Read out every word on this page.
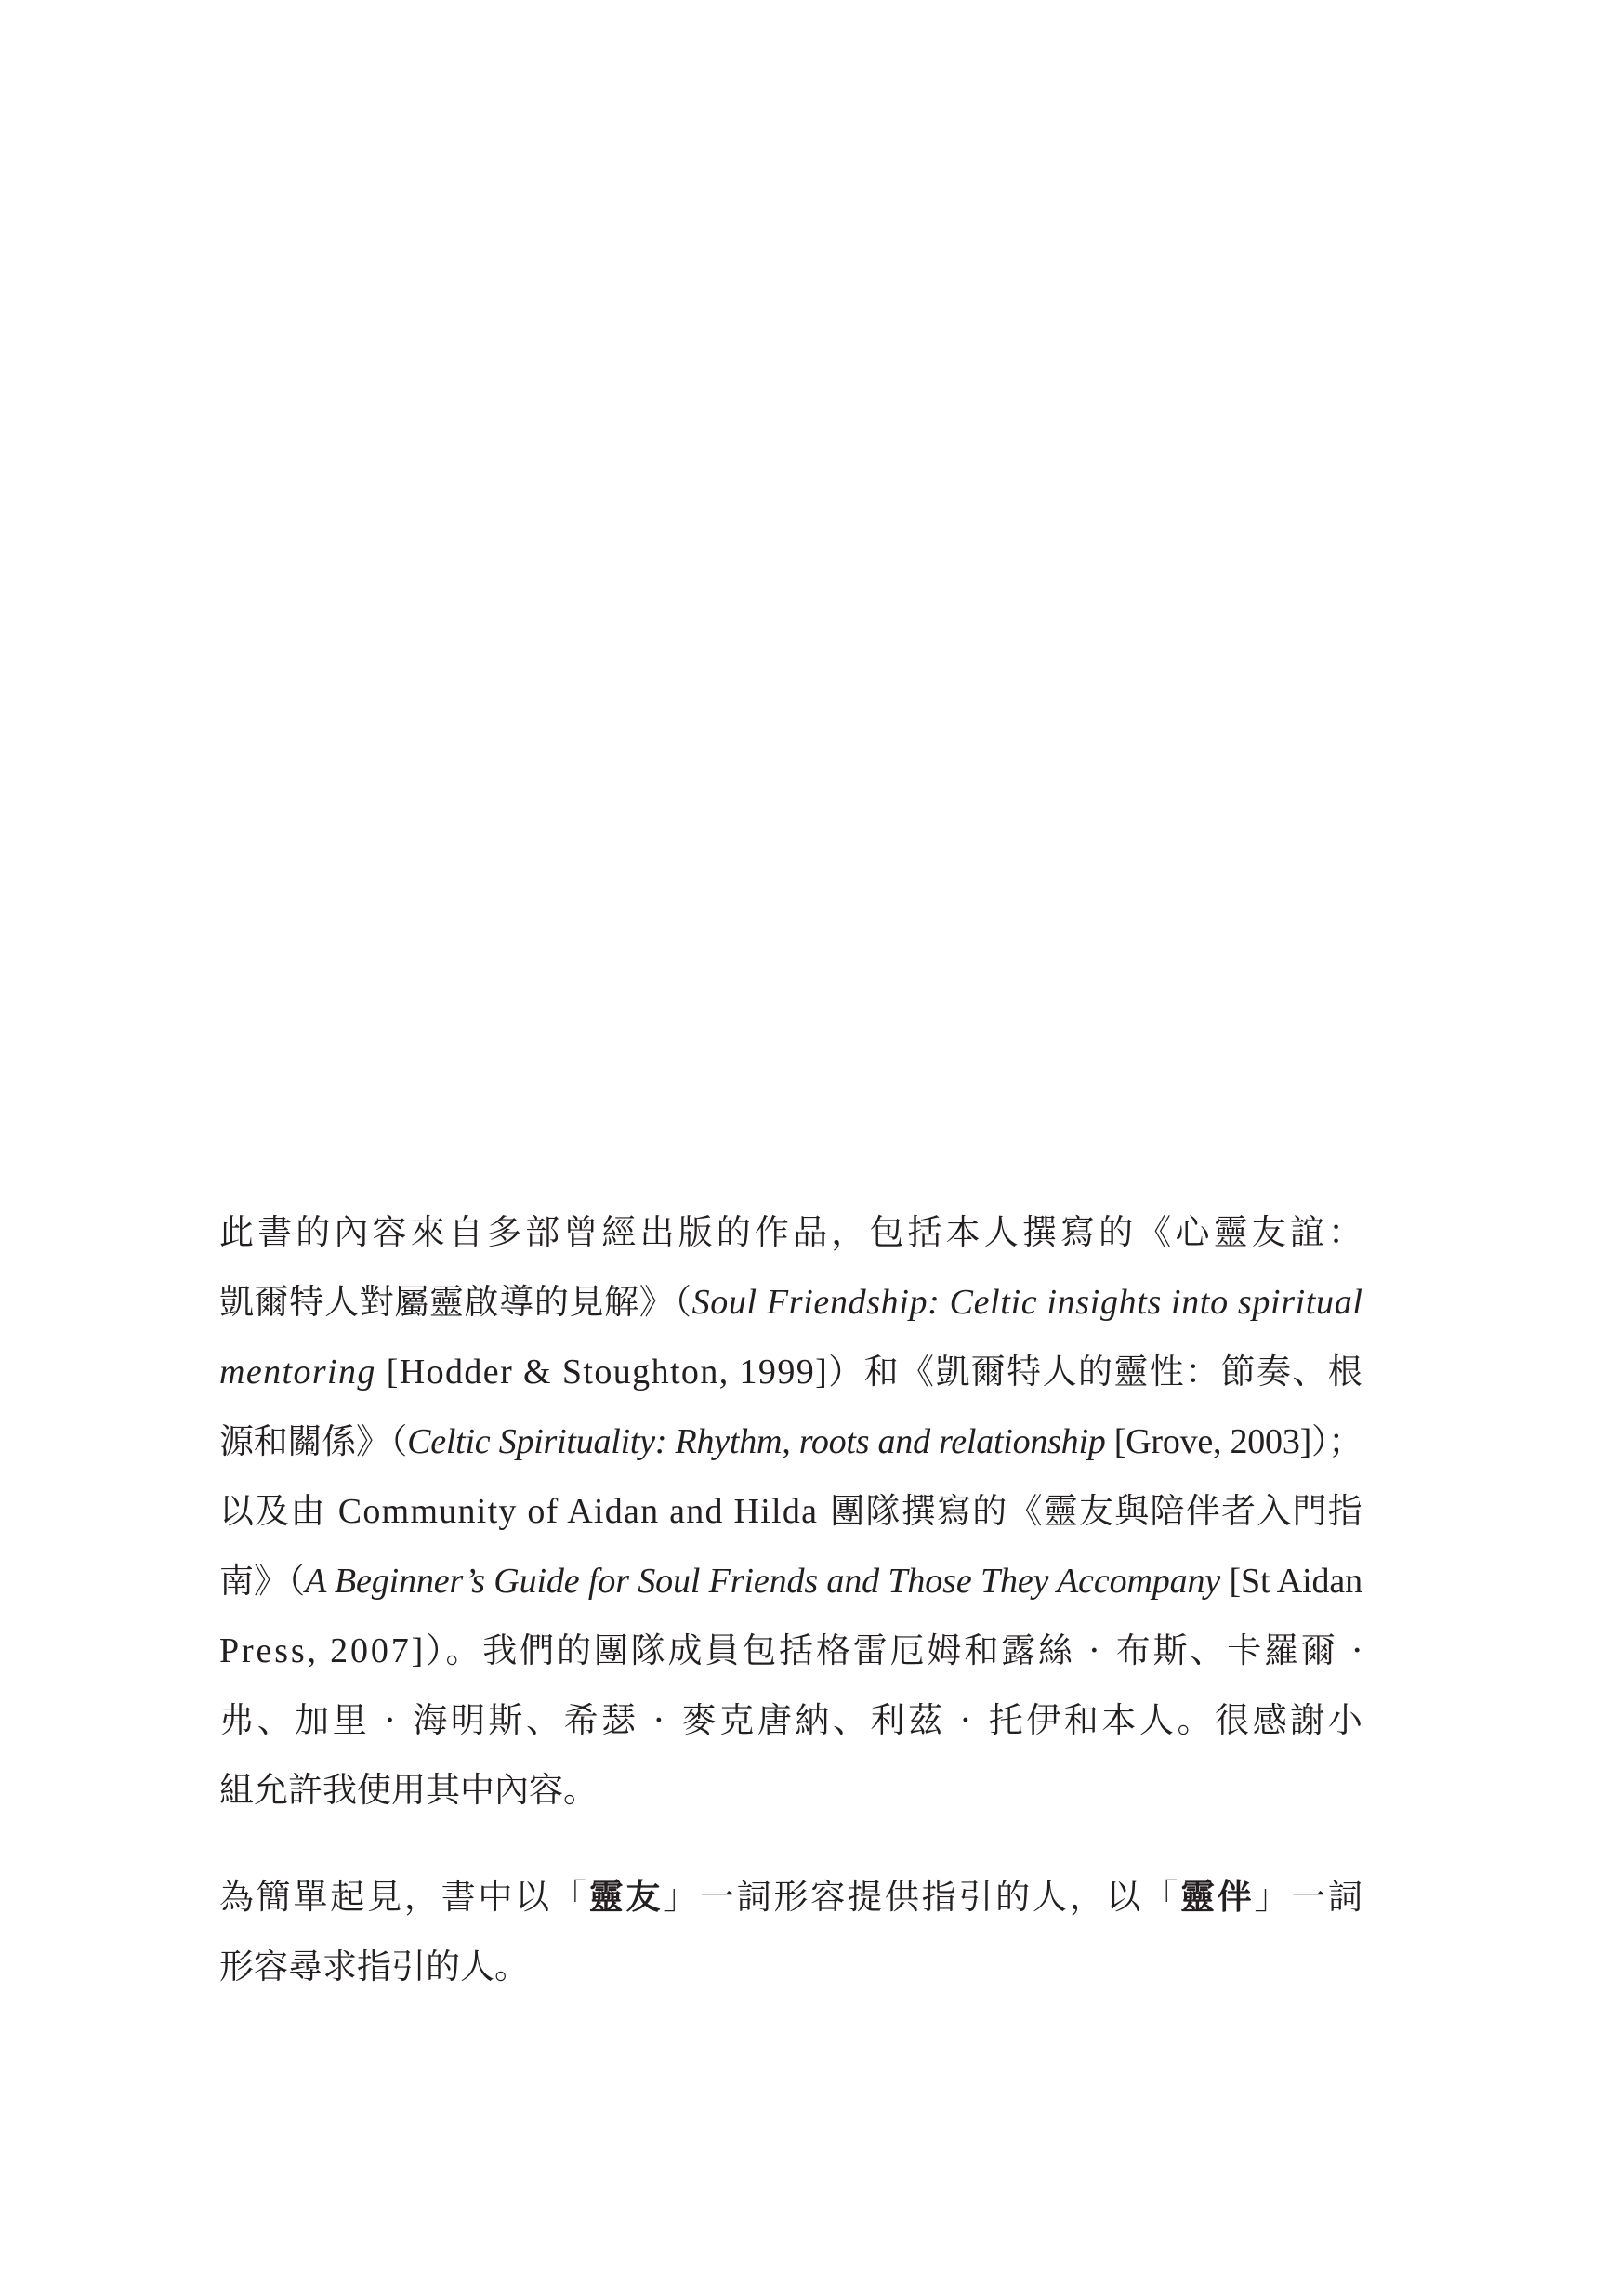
此書的內容來自多部曾經出版的作品，包括本人撰寫的《心靈友誼：
凱爾特人對屬靈啟導的見解》（Soul Friendship: Celtic insights into spiritual
mentoring [Hodder & Stoughton, 1999]）和《凱爾特人的靈性：節奏、根
源和關係》（Celtic Spirituality: Rhythm, roots and relationship [Grove, 2003]）；
以及由 Community of Aidan and Hilda 團隊撰寫的《靈友與陪伴者入門指
南》（A Beginner’s Guide for Soul Friends and Those They Accompany [St Aidan
Press, 2007]）。我們的團隊成員包括格雷厄姆和露絲 · 布斯、卡羅爾 ·
弗、加里 · 海明斯、希瑟 · 麥克唐納、利茲 · 托伊和本人。很感謝小
組允許我使用其中內容。
為簡單起見，書中以「靈友」一詞形容提供指引的人，以「靈伴」一詞
形容尋求指引的人。
